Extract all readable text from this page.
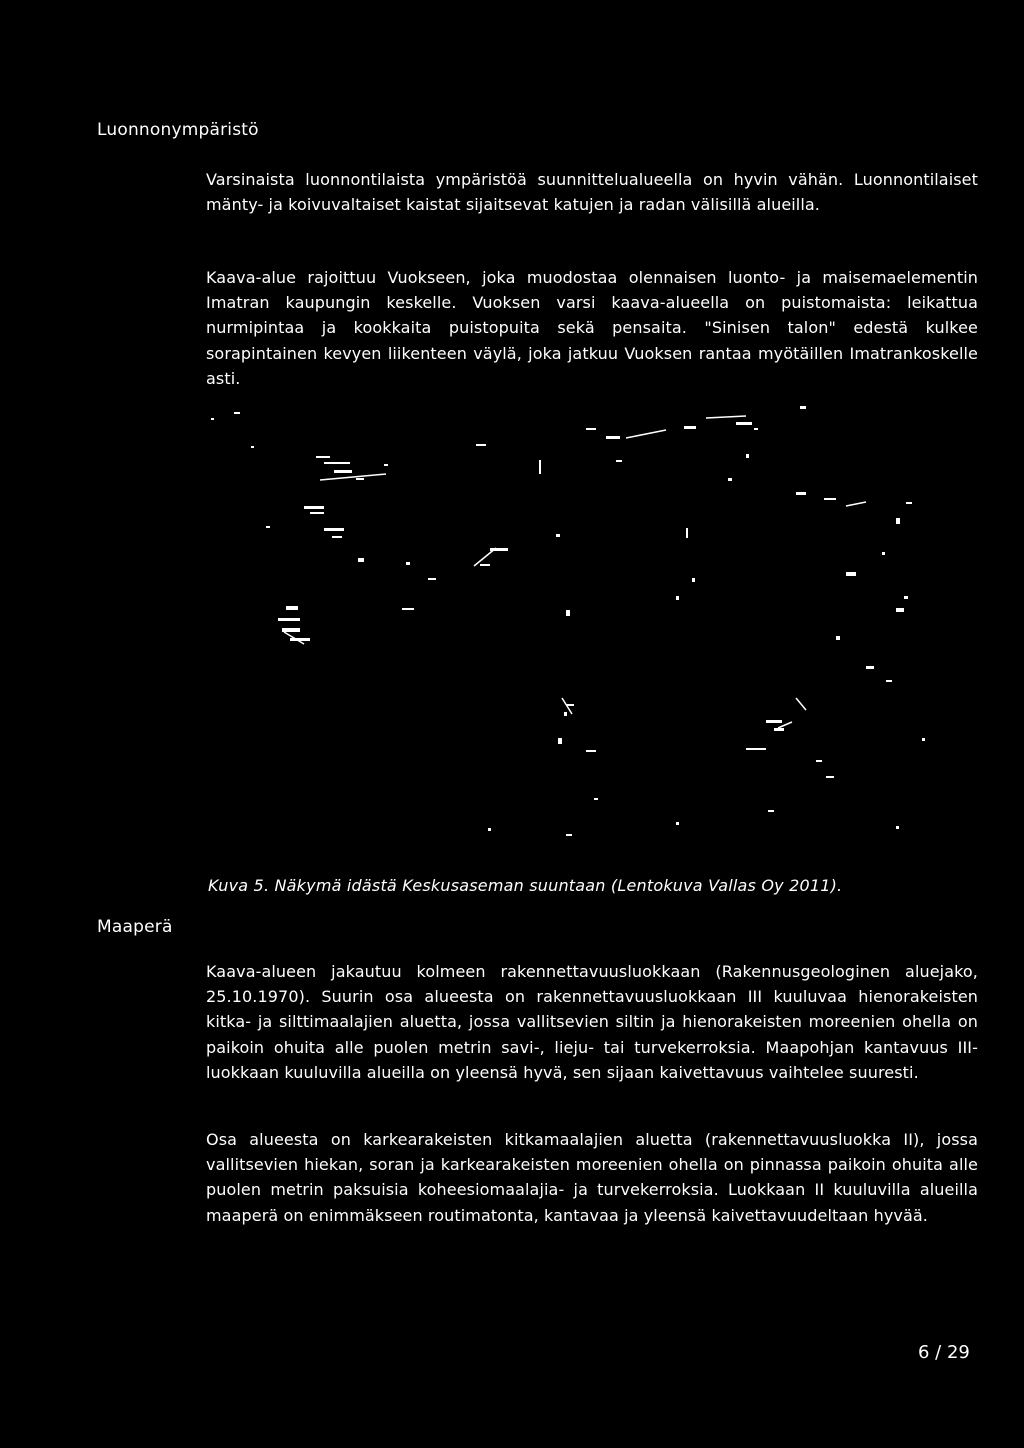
Luonnonympäristö

Varsinaista luonnontilaista ympäristöä suunnittelualueella on hyvin vähän. Luonnontilaiset mänty- ja koivuvaltaiset kaistat sijaitsevat katujen ja radan välisillä alueilla.

Kaava-alue rajoittuu Vuokseen, joka muodostaa olennaisen luonto- ja maisemaelementin Imatran kaupungin keskelle. Vuoksen varsi kaava-alueella on puistomaista: leikattua nurmipintaa ja kookkaita puistopuita sekä pensaita. "Sinisen talon" edestä kulkee sorapintainen kevyen liikenteen väylä, joka jatkuu Vuoksen rantaa myötäillen Imatrankoskelle asti.

Kuva 5. Näkymä idästä Keskusaseman suuntaan (Lentokuva Vallas Oy 2011).
Maaperä

Kaava-alueen jakautuu kolmeen rakennettavuusluokkaan (Rakennusgeologinen aluejako, 25.10.1970). Suurin osa alueesta on rakennettavuusluokkaan III kuuluvaa hienorakeisten kitka- ja silttimaalajien aluetta, jossa vallitsevien siltin ja hienorakeisten moreenien ohella on paikoin ohuita alle puolen metrin savi-, lieju- tai turvekerroksia. Maapohjan kantavuus III-luokkaan kuuluvilla alueilla on yleensä hyvä, sen sijaan kaivettavuus vaihtelee suuresti.

Osa alueesta on karkearakeisten kitkamaalajien aluetta (rakennettavuusluokka II), jossa vallitsevien hiekan, soran ja karkearakeisten moreenien ohella on pinnassa paikoin ohuita alle puolen metrin paksuisia koheesiomaalajia- ja turvekerroksia. Luokkaan II kuuluvilla alueilla maaperä on enimmäkseen routimatonta, kantavaa ja yleensä kaivettavuudeltaan hyvää.

6 / 29
